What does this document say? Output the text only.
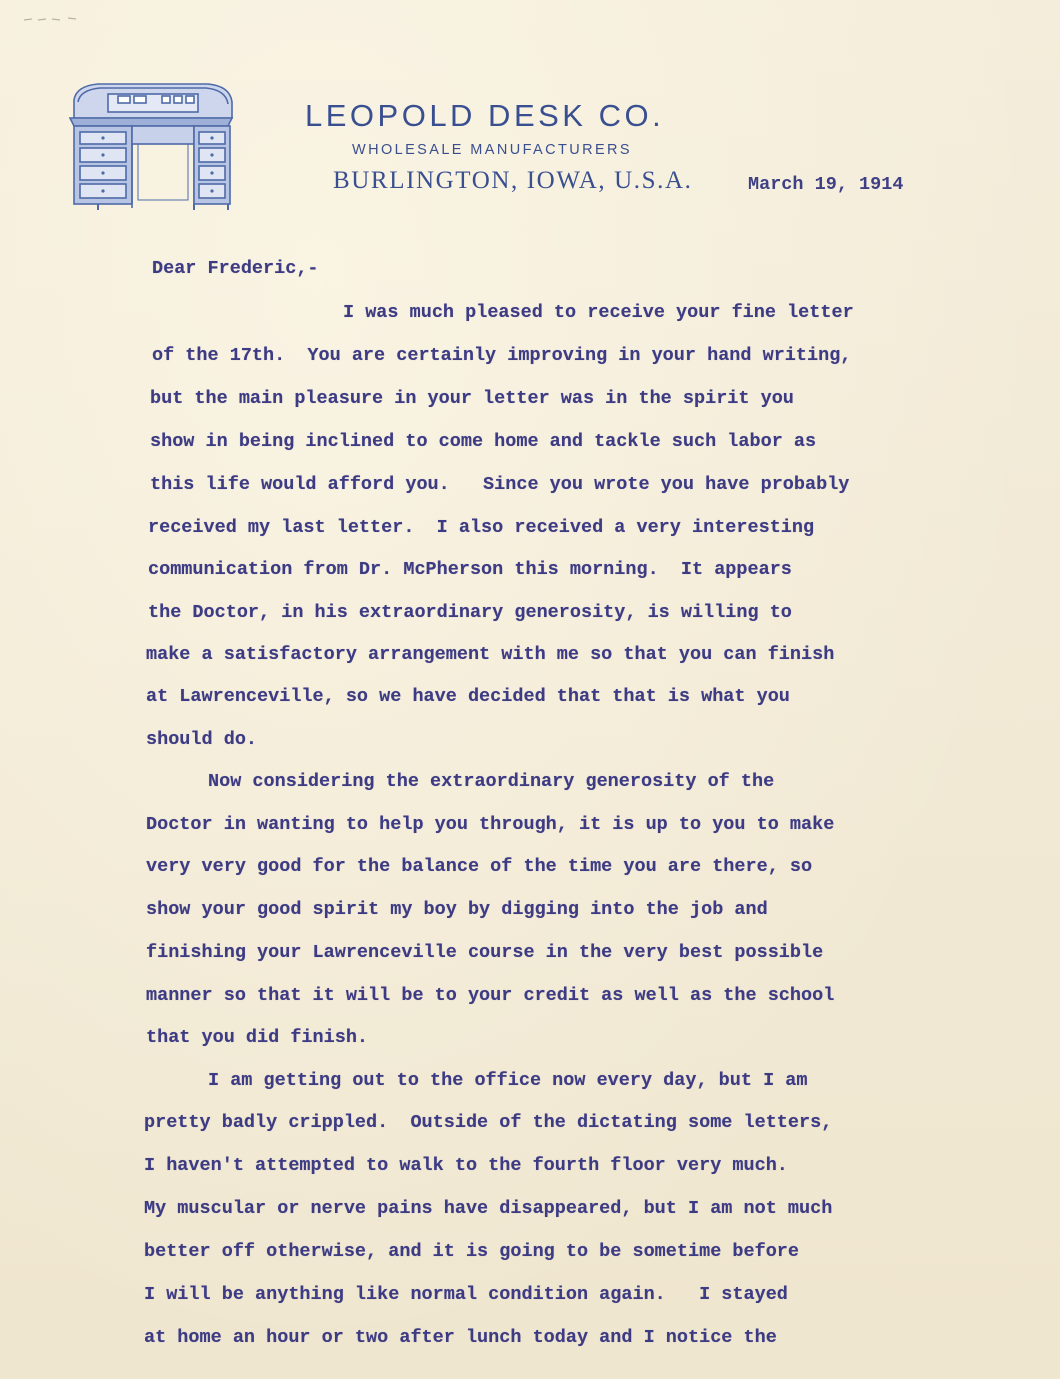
LEOPOLD DESK CO.
WHOLESALE MANUFACTURERS
BURLINGTON, IOWA, U.S.A.	March 19, 1914
Dear Frederic,-
I was much pleased to receive your fine letter
of the 17th.  You are certainly improving in your hand writing,
but the main pleasure in your letter was in the spirit you
show in being inclined to come home and tackle such labor as
this life would afford you.   Since you wrote you have probably
received my last letter.  I also received a very interesting
communication from Dr. McPherson this morning.  It appears
the Doctor, in his extraordinary generosity, is willing to
make a satisfactory arrangement with me so that you can finish
at Lawrenceville, so we have decided that that is what you
should do.
Now considering the extraordinary generosity of the
Doctor in wanting to help you through, it is up to you to make
very very good for the balance of the time you are there, so
show your good spirit my boy by digging into the job and
finishing your Lawrenceville course in the very best possible
manner so that it will be to your credit as well as the school
that you did finish.
I am getting out to the office now every day, but I am
pretty badly crippled.  Outside of the dictating some letters,
I haven't attempted to walk to the fourth floor very much.
My muscular or nerve pains have disappeared, but I am not much
better off otherwise, and it is going to be sometime before
I will be anything like normal condition again.   I stayed
at home an hour or two after lunch today and I notice the
